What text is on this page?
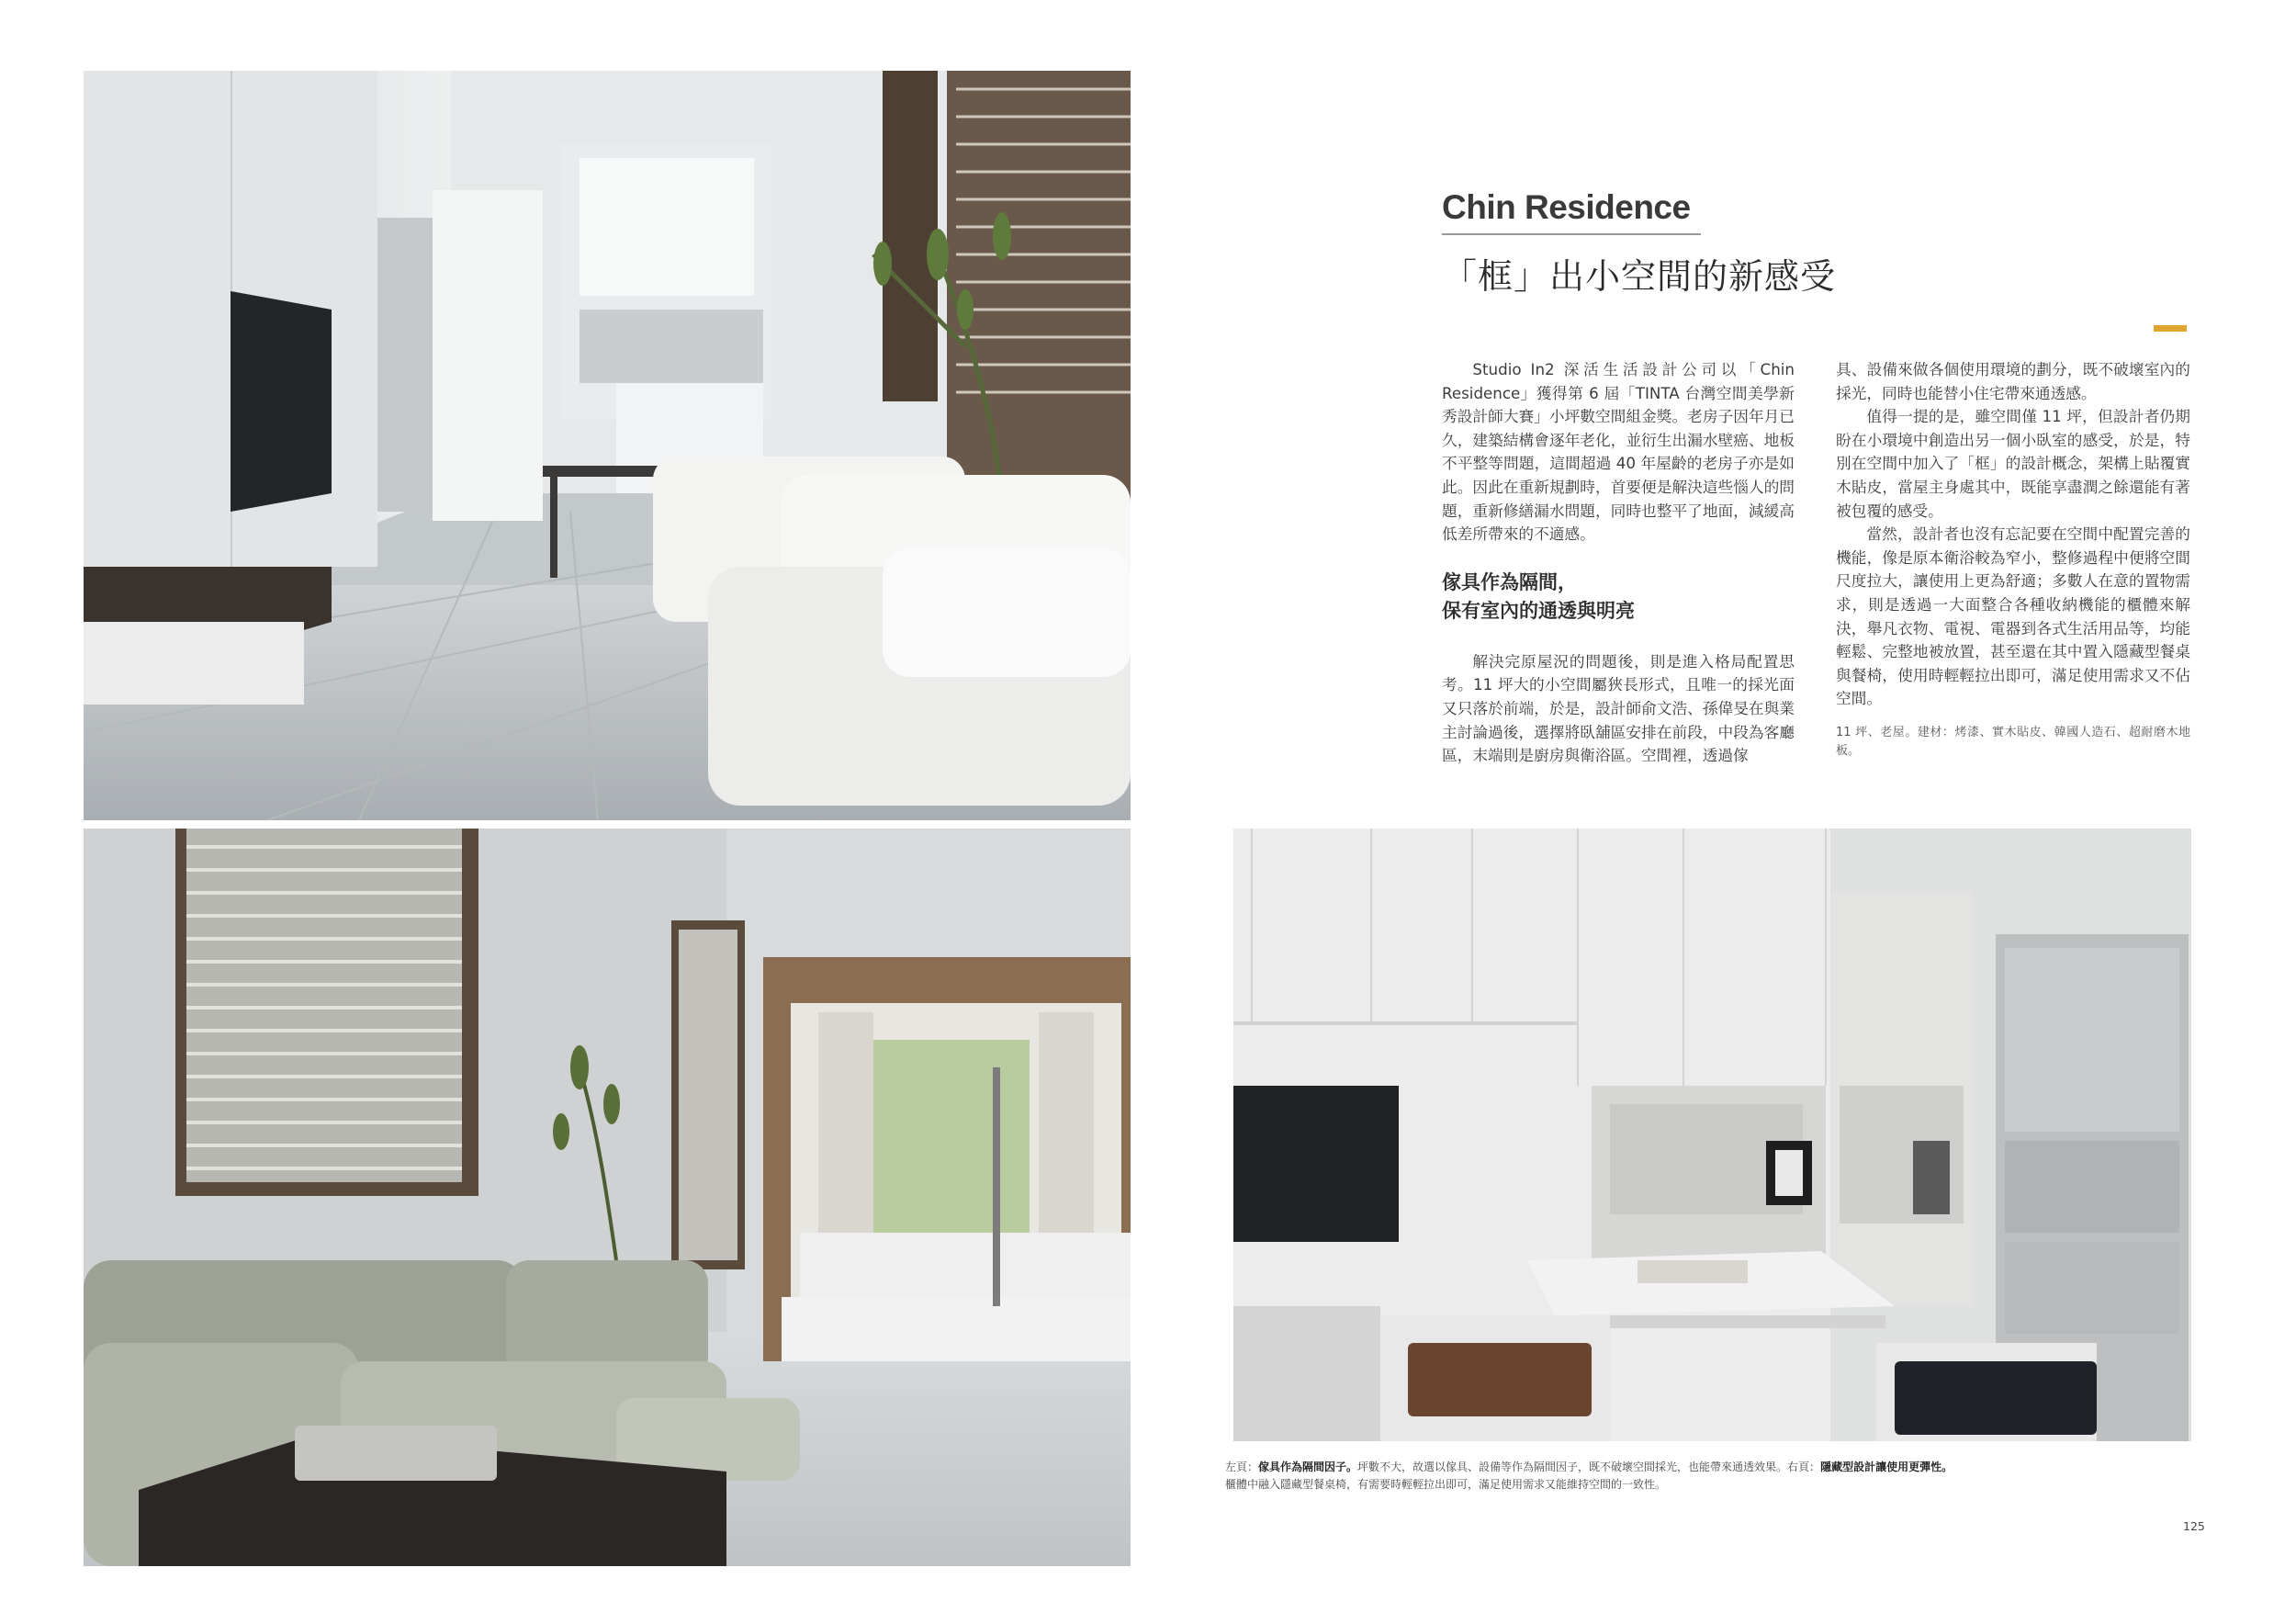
Chin Residence
「框」出小空間的新感受

Studio In2 深活生活設計公司以「Chin Residence」獲得第 6 屆「TINTA 台灣空間美學新秀設計師大賽」小坪數空間組金獎。老房子因年月已久，建築結構會逐年老化，並衍生出漏水壁癌、地板不平整等問題，這間超過 40 年屋齡的老房子亦是如此。因此在重新規劃時，首要便是解決這些惱人的問題，重新修繕漏水問題，同時也整平了地面，減緩高低差所帶來的不適感。

傢具作為隔間，
保有室內的通透與明亮

解決完原屋況的問題後，則是進入格局配置思考。11 坪大的小空間屬狹長形式，且唯一的採光面又只落於前端，於是，設計師俞文浩、孫偉旻在與業主討論過後，選擇將臥舖區安排在前段，中段為客廳區，末端則是廚房與衛浴區。空間裡，透過傢

具、設備來做各個使用環境的劃分，既不破壞室內的採光，同時也能替小住宅帶來通透感。

值得一提的是，雖空間僅 11 坪，但設計者仍期盼在小環境中創造出另一個小臥室的感受，於是，特別在空間中加入了「框」的設計概念，架構上貼覆實木貼皮，當屋主身處其中，既能享盡潤之餘還能有著被包覆的感受。

當然，設計者也沒有忘記要在空間中配置完善的機能，像是原本衛浴較為窄小，整修過程中便將空間尺度拉大，讓使用上更為舒適；多數人在意的置物需求，則是透過一大面整合各種收納機能的櫃體來解決，舉凡衣物、電視、電器到各式生活用品等，均能輕鬆、完整地被放置，甚至還在其中置入隱藏型餐桌與餐椅，使用時輕輕拉出即可，滿足使用需求又不佔空間。

11 坪、老屋。建材：烤漆、實木貼皮、韓國人造石、超耐磨木地板。
左頁：傢具作為隔間因子。坪數不大，故選以傢具、設備等作為隔間因子，既不破壞空間採光，也能帶來通透效果。右頁：隱藏型設計讓使用更彈性。
櫃體中融入隱藏型餐桌椅，有需要時輕輕拉出即可，滿足使用需求又能維持空間的一致性。
125
